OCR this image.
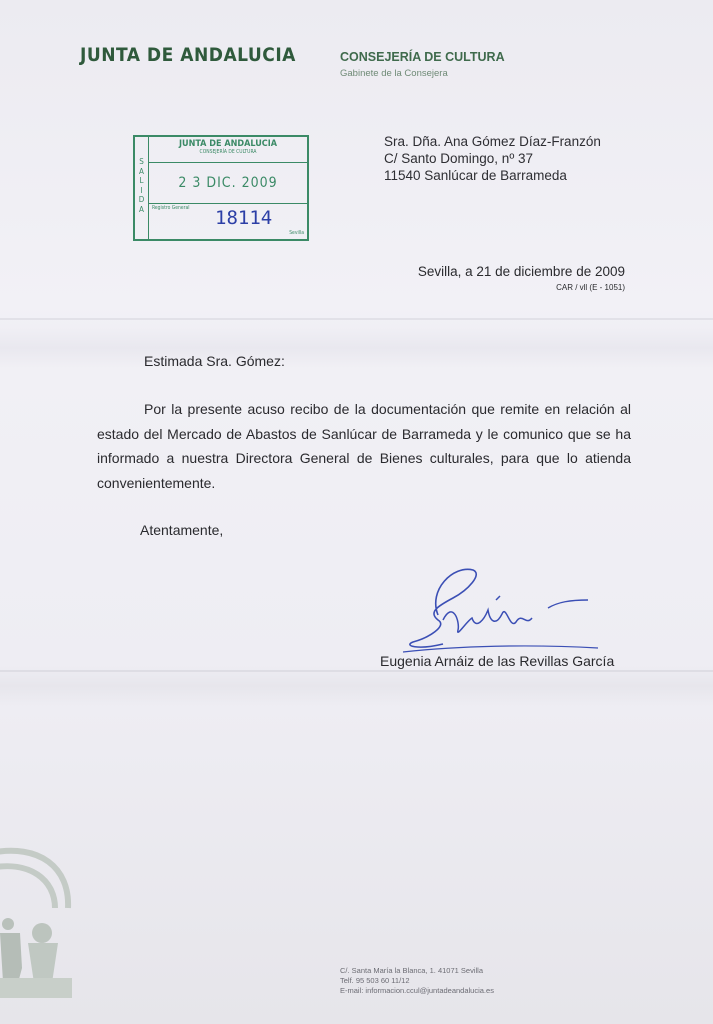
JUNTA DE ANDALUCIA	CONSEJERÍA DE CULTURA
Gabinete de la Consejera
S
A
L
I
D
A
JUNTA DE ANDALUCIA
CONSEJERÍA DE CULTURA
2 3 DIC. 2009
Registro General 18114
Sevilla
Sra. Dña. Ana Gómez Díaz-Franzón
C/ Santo Domingo, nº 37
11540 Sanlúcar de Barrameda
Sevilla, a 21 de diciembre de 2009
CAR / vll (E - 1051)
Estimada Sra. Gómez:
Por la presente acuso recibo de la documentación que remite en relación al estado del Mercado de Abastos de Sanlúcar de Barrameda y le comunico que se ha informado a nuestra Directora General de Bienes culturales, para que lo atienda convenientemente.
Atentamente,
Eugenia Arnáiz de las Revillas García
C/. Santa María la Blanca, 1. 41071 Sevilla
Telf. 95 503 60 11/12
E-mail: informacion.ccul@juntadeandalucia.es
